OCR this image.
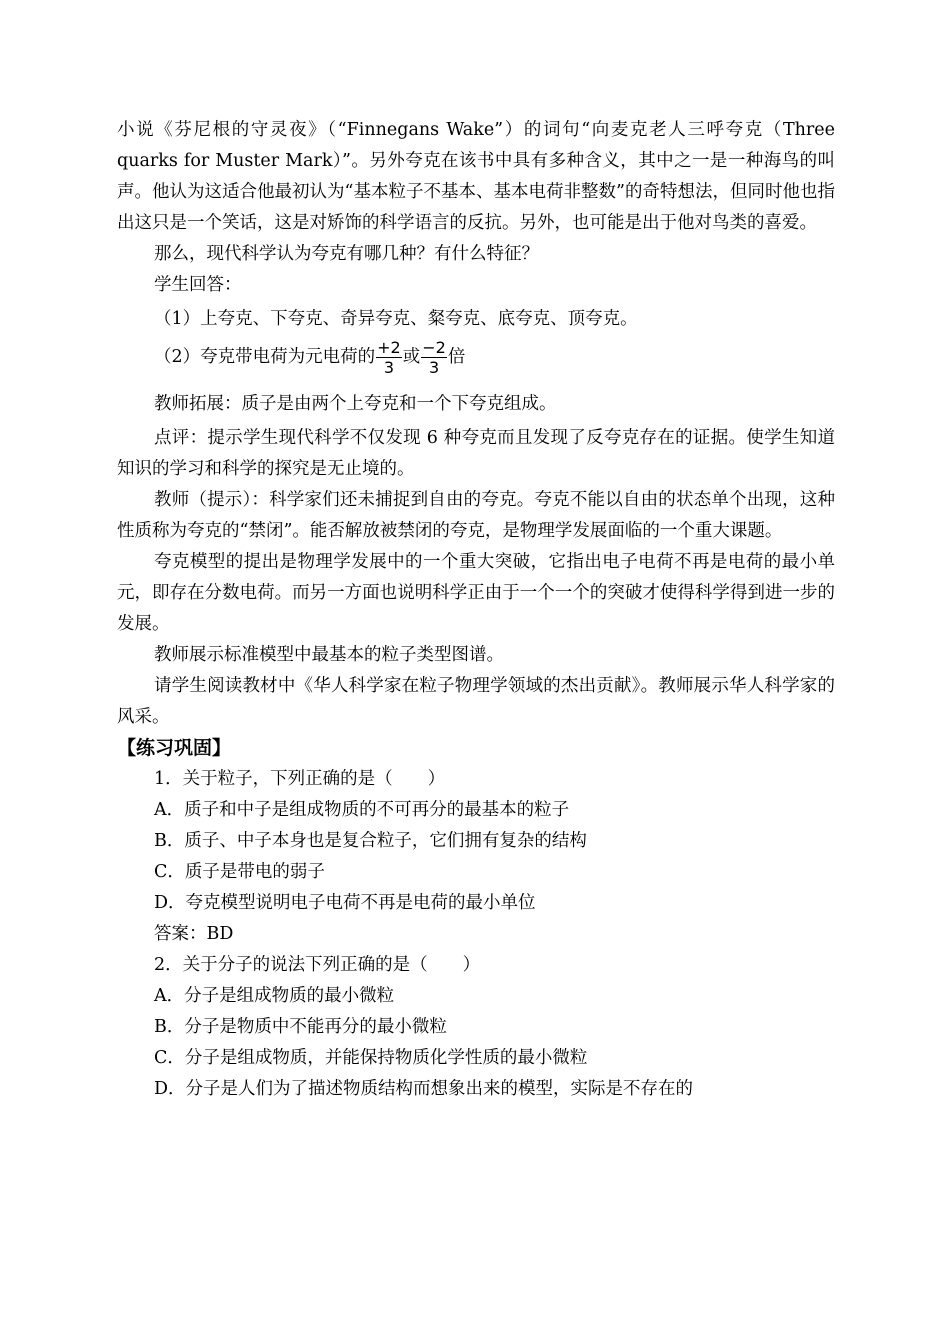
小说《芬尼根的守灵夜》（“Finnegans Wake”）的词句“向麦克老人三呼夸克（Three quarks for Muster Mark）”。另外夸克在该书中具有多种含义，其中之一是一种海鸟的叫声。他认为这适合他最初认为“基本粒子不基本、基本电荷非整数”的奇特想法，但同时他也指出这只是一个笑话，这是对矫饰的科学语言的反抗。另外，也可能是出于他对鸟类的喜爱。

那么，现代科学认为夸克有哪几种？有什么特征？

学生回答：

（1）上夸克、下夸克、奇异夸克、粲夸克、底夸克、顶夸克。

（2）夸克带电荷为元电荷的 $\frac{+2}{3}$ 或 $\frac{-2}{3}$ 倍

教师拓展：质子是由两个上夸克和一个下夸克组成。

点评：提示学生现代科学不仅发现 6 种夸克而且发现了反夸克存在的证据。使学生知道知识的学习和科学的探究是无止境的。

教师（提示）：科学家们还未捕捉到自由的夸克。夸克不能以自由的状态单个出现，这种性质称为夸克的“禁闭”。能否解放被禁闭的夸克，是物理学发展面临的一个重大课题。

夸克模型的提出是物理学发展中的一个重大突破，它指出电子电荷不再是电荷的最小单元，即存在分数电荷。而另一方面也说明科学正由于一个一个的突破才使得科学得到进一步的发展。

教师展示标准模型中最基本的粒子类型图谱。

请学生阅读教材中《华人科学家在粒子物理学领域的杰出贡献》。教师展示华人科学家的风采。

【练习巩固】

1．关于粒子，下列正确的是（　　）

A．质子和中子是组成物质的不可再分的最基本的粒子

B．质子、中子本身也是复合粒子，它们拥有复杂的结构

C．质子是带电的弱子

D．夸克模型说明电子电荷不再是电荷的最小单位

答案：BD

2．关于分子的说法下列正确的是（　　）

A．分子是组成物质的最小微粒

B．分子是物质中不能再分的最小微粒

C．分子是组成物质，并能保持物质化学性质的最小微粒

D．分子是人们为了描述物质结构而想象出来的模型，实际是不存在的
